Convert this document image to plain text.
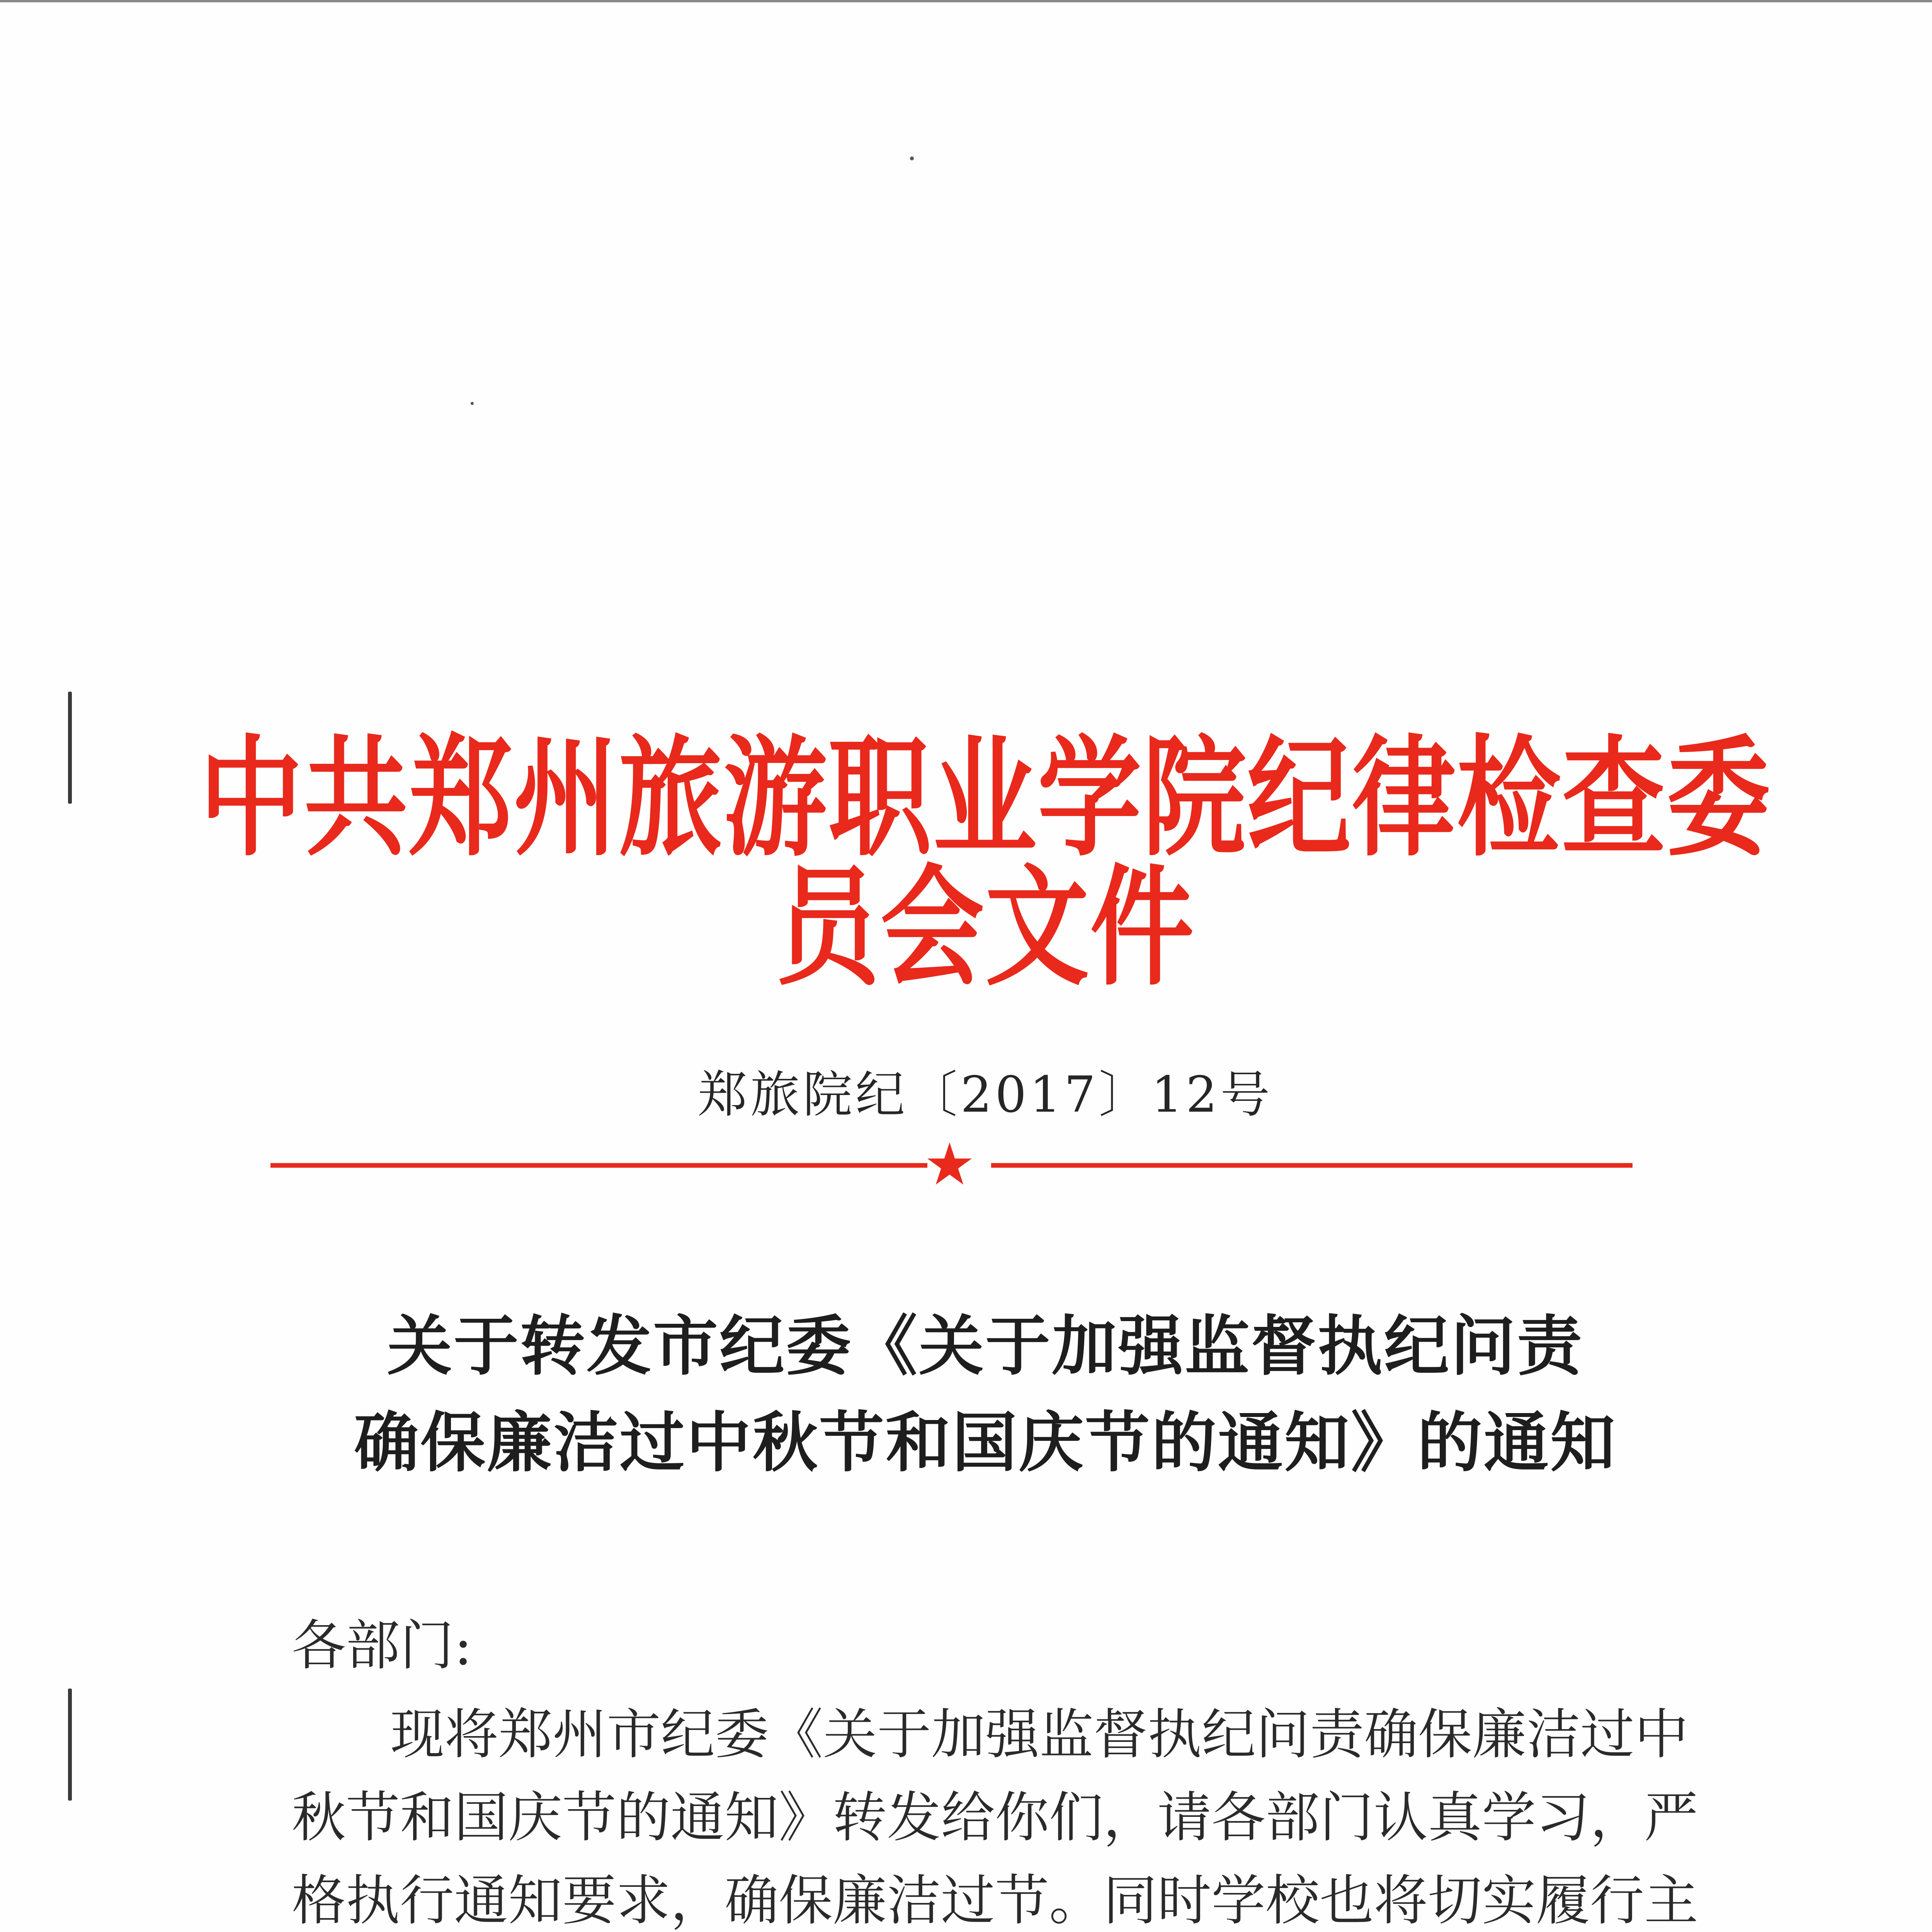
中共郑州旅游职业学院纪律检查委员会文件
郑旅院纪〔2017〕12号
★
关于转发市纪委《关于加强监督执纪问责
确保廉洁过中秋节和国庆节的通知》的通知
各部门:
现将郑州市纪委《关于加强监督执纪问责确保廉洁过中
秋节和国庆节的通知》转发给你们，请各部门认真学习，严
格执行通知要求，确保廉洁过节。同时学校也将切实履行主
